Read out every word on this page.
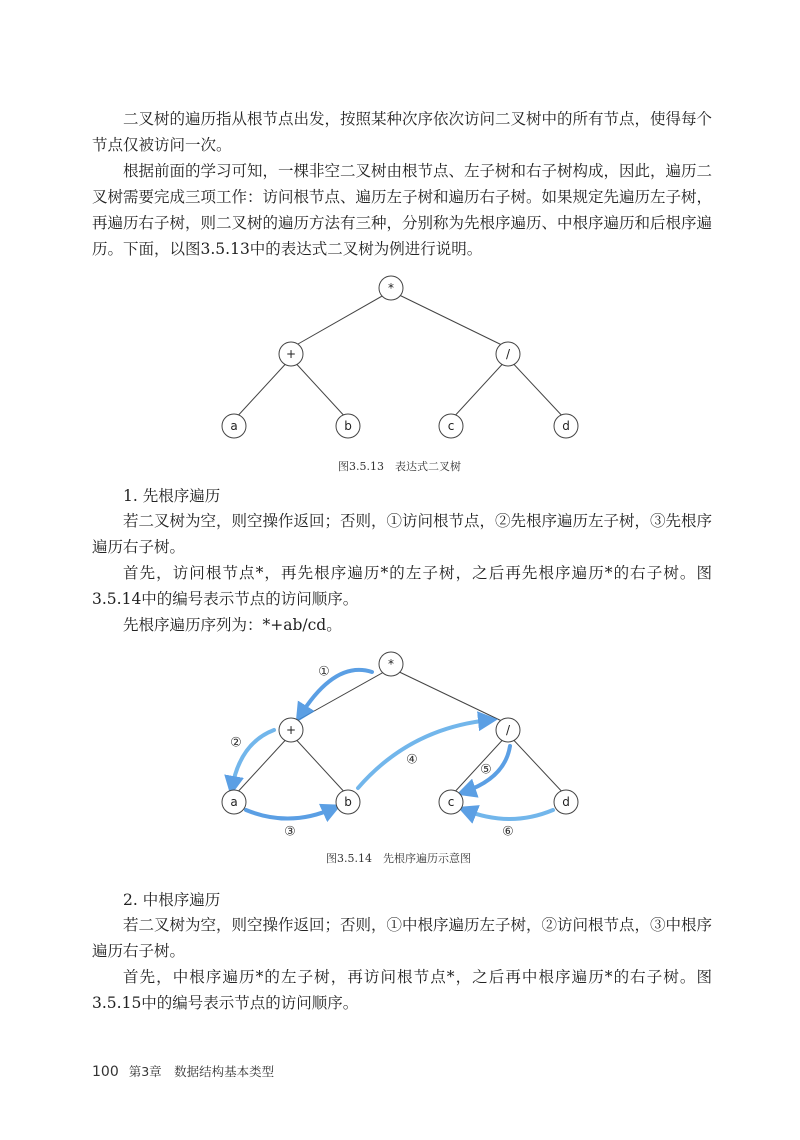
二叉树的遍历指从根节点出发，按照某种次序依次访问二叉树中的所有节点，使得每个节点仅被访问一次。

根据前面的学习可知，一棵非空二叉树由根节点、左子树和右子树构成，因此，遍历二叉树需要完成三项工作：访问根节点、遍历左子树和遍历右子树。如果规定先遍历左子树，再遍历右子树，则二叉树的遍历方法有三种，分别称为先根序遍历、中根序遍历和后根序遍历。下面，以图3.5.13中的表达式二叉树为例进行说明。

*
+	/
a	b	c	d

图3.5.13　表达式二叉树

1. 先根序遍历

若二叉树为空，则空操作返回；否则，①访问根节点，②先根序遍历左子树，③先根序遍历右子树。

首先，访问根节点*，再先根序遍历*的左子树，之后再先根序遍历*的右子树。图3.5.14中的编号表示节点的访问顺序。

先根序遍历序列为：*+ab/cd。

①
②
③
④
⑤
⑥
*
+	/
a	b	c	d

图3.5.14　先根序遍历示意图

2. 中根序遍历

若二叉树为空，则空操作返回；否则，①中根序遍历左子树，②访问根节点，③中根序遍历右子树。

首先，中根序遍历*的左子树，再访问根节点*，之后再中根序遍历*的右子树。图3.5.15中的编号表示节点的访问顺序。

100 第3章　数据结构基本类型
